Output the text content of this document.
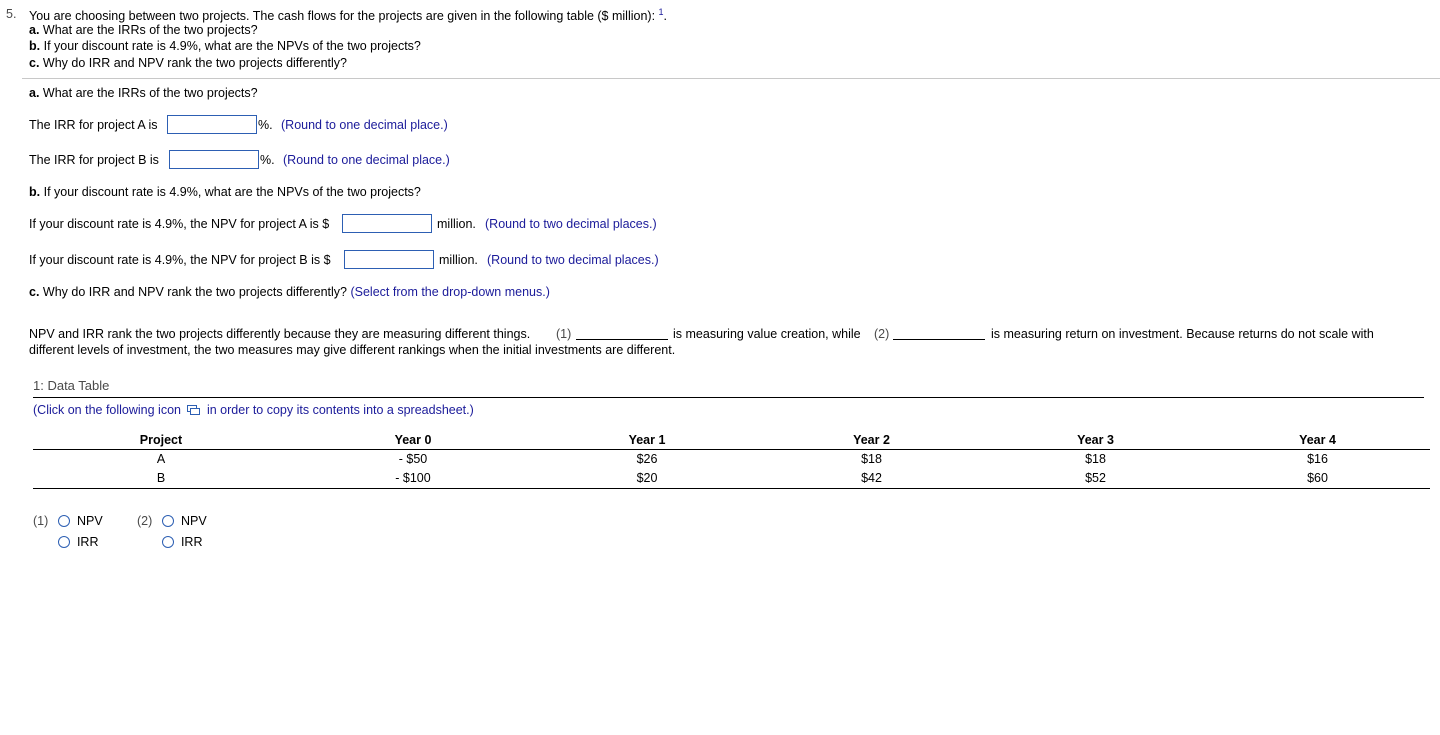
5. You are choosing between two projects. The cash flows for the projects are given in the following table ($ million): $^1$.
a. What are the IRRs of the two projects?
b. If your discount rate is 4.9%, what are the NPVs of the two projects?
c. Why do IRR and NPV rank the two projects differently?
a. What are the IRRs of the two projects?
The IRR for project A is	%. (Round to one decimal place.)
The IRR for project B is	%. (Round to one decimal place.)
b. If your discount rate is 4.9%, what are the NPVs of the two projects?
If your discount rate is 4.9%, the NPV for project A is $	million. (Round to two decimal places.)
If your discount rate is 4.9%, the NPV for project B is $	million. (Round to two decimal places.)
c. Why do IRR and NPV rank the two projects differently? (Select from the drop-down menus.)
NPV and IRR rank the two projects differently because they are measuring different things. (1)	is measuring value creation, while (2)	is measuring return on investment. Because returns do not scale with
different levels of investment, the two measures may give different rankings when the initial investments are different.
1: Data Table
(Click on the following icon in order to copy its contents into a spreadsheet.)
Project	Year 0	Year 1	Year 2	Year 3	Year 4
A	- $50	$26	$18	$18	$16
B	- $100	$20	$42	$52	$60
(1)	NPV
IRR
(2)	NPV
IRR
